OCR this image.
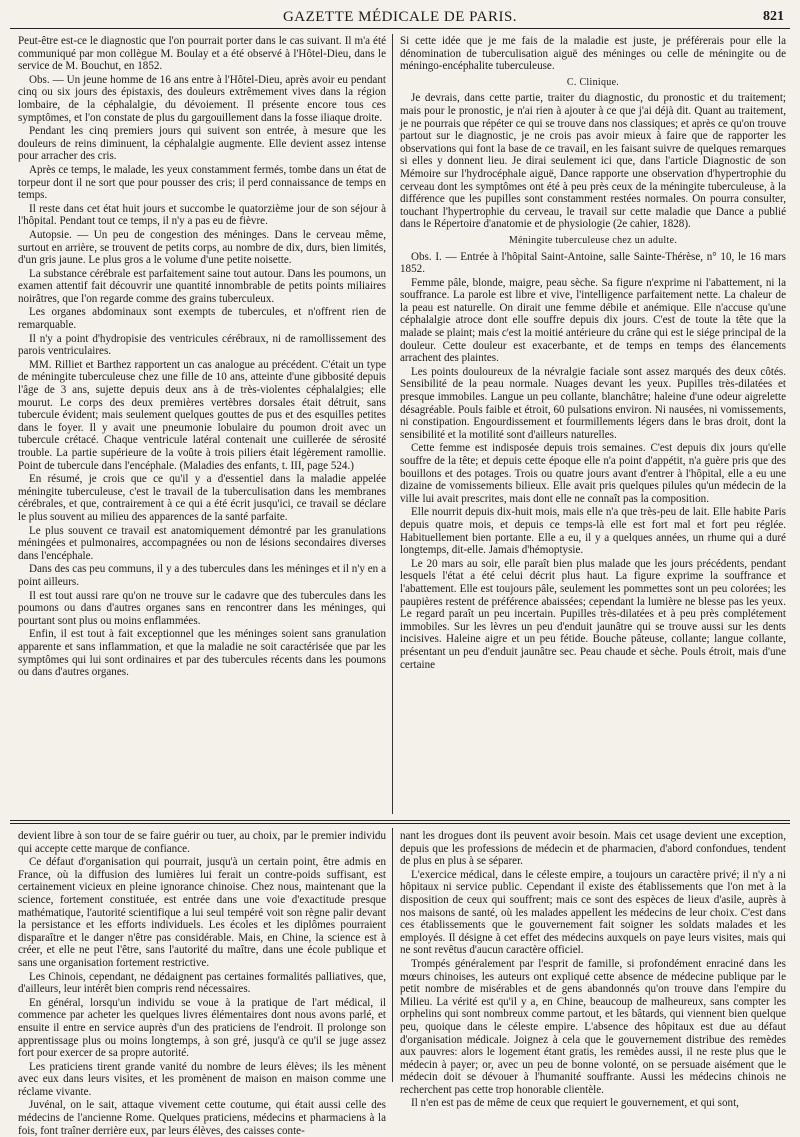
GAZETTE MÉDICALE DE PARIS.	821

Peut-être est-ce le diagnostic que l'on pourrait porter dans le cas suivant. Il m'a été communiqué par mon collègue M. Boulay et a été observé à l'Hôtel-Dieu, dans le service de M. Bouchut, en 1852.

Obs. — Un jeune homme de 16 ans entre à l'Hôtel-Dieu, après avoir eu pendant cinq ou six jours des épistaxis, des douleurs extrêmement vives dans la région lombaire, de la céphalalgie, du dévoiement. Il présente encore tous ces symptômes, et l'on constate de plus du gargouillement dans la fosse iliaque droite.

Pendant les cinq premiers jours qui suivent son entrée, à mesure que les douleurs de reins diminuent, la céphalalgie augmente. Elle devient assez intense pour arracher des cris.

Après ce temps, le malade, les yeux constamment fermés, tombe dans un état de torpeur dont il ne sort que pour pousser des cris; il perd connaissance de temps en temps.

Il reste dans cet état huit jours et succombe le quatorzième jour de son séjour à l'hôpital. Pendant tout ce temps, il n'y a pas eu de fièvre.

Autopsie. — Un peu de congestion des méninges. Dans le cerveau même, surtout en arrière, se trouvent de petits corps, au nombre de dix, durs, bien limités, d'un gris jaune. Le plus gros a le volume d'une petite noisette.

La substance cérébrale est parfaitement saine tout autour. Dans les poumons, un examen attentif fait découvrir une quantité innombrable de petits points miliaires noirâtres, que l'on regarde comme des grains tuberculeux.

Les organes abdominaux sont exempts de tubercules, et n'offrent rien de remarquable.

Il n'y a point d'hydropisie des ventricules cérébraux, ni de ramollissement des parois ventriculaires.

MM. Rilliet et Barthez rapportent un cas analogue au précédent. C'était un type de méningite tuberculeuse chez une fille de 10 ans, atteinte d'une gibbosité depuis l'âge de 3 ans, sujette depuis deux ans à de très-violentes céphalalgies; elle mourut. Le corps des deux premières vertèbres dorsales était détruit, sans tubercule évident; mais seulement quelques gouttes de pus et des esquilles petites dans le foyer. Il y avait une pneumonie lobulaire du poumon droit avec un tubercule crétacé. Chaque ventricule latéral contenait une cuillerée de sérosité trouble. La partie supérieure de la voûte à trois piliers était légèrement ramollie. Point de tubercule dans l'encéphale. (Maladies des enfants, t. III, page 524.)

En résumé, je crois que ce qu'il y a d'essentiel dans la maladie appelée méningite tuberculeuse, c'est le travail de la tuberculisation dans les membranes cérébrales, et que, contrairement à ce qui a été écrit jusqu'ici, ce travail se déclare le plus souvent au milieu des apparences de la santé parfaite.

Le plus souvent ce travail est anatomiquement démontré par les granulations méningées et pulmonaires, accompagnées ou non de lésions secondaires diverses dans l'encéphale.

Dans des cas peu communs, il y a des tubercules dans les méninges et il n'y en a point ailleurs.

Il est tout aussi rare qu'on ne trouve sur le cadavre que des tubercules dans les poumons ou dans d'autres organes sans en rencontrer dans les méninges, qui pourtant sont plus ou moins enflammées.

Enfin, il est tout à fait exceptionnel que les méninges soient sans granulation apparente et sans inflammation, et que la maladie ne soit caractérisée que par les symptômes qui lui sont ordinaires et par des tubercules récents dans les poumons ou dans d'autres organes.

Si cette idée que je me fais de la maladie est juste, je préférerais pour elle la dénomination de tuberculisation aiguë des méninges ou celle de méningite ou de méningo-encéphalite tuberculeuse.

C. Clinique.

Je devrais, dans cette partie, traiter du diagnostic, du pronostic et du traitement; mais pour le pronostic, je n'ai rien à ajouter à ce que j'ai déjà dit. Quant au traitement, je ne pourrais que répéter ce qui se trouve dans nos classiques; et après ce qu'on trouve partout sur le diagnostic, je ne crois pas avoir mieux à faire que de rapporter les observations qui font la base de ce travail, en les faisant suivre de quelques remarques si elles y donnent lieu. Je dirai seulement ici que, dans l'article Diagnostic de son Mémoire sur l'hydrocéphale aiguë, Dance rapporte une observation d'hypertrophie du cerveau dont les symptômes ont été à peu près ceux de la méningite tuberculeuse, à la différence que les pupilles sont constamment restées normales. On pourra consulter, touchant l'hypertrophie du cerveau, le travail sur cette maladie que Dance a publié dans le Répertoire d'anatomie et de physiologie (2e cahier, 1828).

Méningite tuberculeuse chez un adulte.

Obs. I. — Entrée à l'hôpital Saint-Antoine, salle Sainte-Thérèse, n° 10, le 16 mars 1852.

Femme pâle, blonde, maigre, peau sèche. Sa figure n'exprime ni l'abattement, ni la souffrance. La parole est libre et vive, l'intelligence parfaitement nette. La chaleur de la peau est naturelle. On dirait une femme débile et anémique. Elle n'accuse qu'une céphalalgie atroce dont elle souffre depuis dix jours. C'est de toute la tête que la malade se plaint; mais c'est la moitié antérieure du crâne qui est le siége principal de la douleur. Cette douleur est exacerbante, et de temps en temps des élancements arrachent des plaintes.

Les points douloureux de la névralgie faciale sont assez marqués des deux côtés. Sensibilité de la peau normale. Nuages devant les yeux. Pupilles très-dilatées et presque immobiles. Langue un peu collante, blanchâtre; haleine d'une odeur aigrelette désagréable. Pouls faible et étroit, 60 pulsations environ. Ni nausées, ni vomissements, ni constipation. Engourdissement et fourmillements légers dans le bras droit, dont la sensibilité et la motilité sont d'ailleurs naturelles.

Cette femme est indisposée depuis trois semaines. C'est depuis dix jours qu'elle souffre de la tête; et depuis cette époque elle n'a point d'appétit, n'a guère pris que des bouillons et des potages. Trois ou quatre jours avant d'entrer à l'hôpital, elle a eu une dizaine de vomissements bilieux. Elle avait pris quelques pilules qu'un médecin de la ville lui avait prescrites, mais dont elle ne connaît pas la composition.

Elle nourrit depuis dix-huit mois, mais elle n'a que très-peu de lait. Elle habite Paris depuis quatre mois, et depuis ce temps-là elle est fort mal et fort peu réglée. Habituellement bien portante. Elle a eu, il y a quelques années, un rhume qui a duré longtemps, dit-elle. Jamais d'hémoptysie.

Le 20 mars au soir, elle paraît bien plus malade que les jours précédents, pendant lesquels l'état a été celui décrit plus haut. La figure exprime la souffrance et l'abattement. Elle est toujours pâle, seulement les pommettes sont un peu colorées; les paupières restent de préférence abaissées; cependant la lumière ne blesse pas les yeux. Le regard paraît un peu incertain. Pupilles très-dilatées et à peu près complétement immobiles. Sur les lèvres un peu d'enduit jaunâtre qui se trouve aussi sur les dents incisives. Haleine aigre et un peu fétide. Bouche pâteuse, collante; langue collante, présentant un peu d'enduit jaunâtre sec. Peau chaude et sèche. Pouls étroit, mais d'une certaine

devient libre à son tour de se faire guérir ou tuer, au choix, par le premier individu qui accepte cette marque de confiance.

Ce défaut d'organisation qui pourrait, jusqu'à un certain point, être admis en France, où la diffusion des lumières lui ferait un contre-poids suffisant, est certainement vicieux en pleine ignorance chinoise. Chez nous, maintenant que la science, fortement constituée, est entrée dans une voie d'exactitude presque mathématique, l'autorité scientifique a lui seul tempéré voit son règne palir devant la persistance et les efforts individuels. Les écoles et les diplômes pourraient disparaître et le danger n'être pas considérable. Mais, en Chine, la science est à créer, et elle ne peut l'être, sans l'autorité du maître, dans une école publique et sans une organisation fortement restrictive.

Les Chinois, cependant, ne dédaignent pas certaines formalités palliatives, que, d'ailleurs, leur intérêt bien compris rend nécessaires.

En général, lorsqu'un individu se voue à la pratique de l'art médical, il commence par acheter les quelques livres élémentaires dont nous avons parlé, et ensuite il entre en service auprès d'un des praticiens de l'endroit. Il prolonge son apprentissage plus ou moins longtemps, à son gré, jusqu'à ce qu'il se juge assez fort pour exercer de sa propre autorité.

Les praticiens tirent grande vanité du nombre de leurs élèves; ils les mènent avec eux dans leurs visites, et les promènent de maison en maison comme une réclame vivante.

Juvénal, on le sait, attaque vivement cette coutume, qui était aussi celle des médecins de l'ancienne Rome. Quelques praticiens, médecins et pharmaciens à la fois, font traîner derrière eux, par leurs élèves, des caisses conte-

nant les drogues dont ils peuvent avoir besoin. Mais cet usage devient une exception, depuis que les professions de médecin et de pharmacien, d'abord confondues, tendent de plus en plus à se séparer.

L'exercice médical, dans le céleste empire, a toujours un caractère privé; il n'y a ni hôpitaux ni service public. Cependant il existe des établissements que l'on met à la disposition de ceux qui souffrent; mais ce sont des espèces de lieux d'asile, auprès à nos maisons de santé, où les malades appellent les médecins de leur choix. C'est dans ces établissements que le gouvernement fait soigner les soldats malades et les employés. Il désigne à cet effet des médecins auxquels on paye leurs visites, mais qui ne sont revêtus d'aucun caractère officiel.

Trompés généralement par l'esprit de famille, si profondément enraciné dans les mœurs chinoises, les auteurs ont expliqué cette absence de médecine publique par le petit nombre de misérables et de gens abandonnés qu'on trouve dans l'empire du Milieu. La vérité est qu'il y a, en Chine, beaucoup de malheureux, sans compter les orphelins qui sont nombreux comme partout, et les bâtards, qui viennent bien quelque peu, quoique dans le céleste empire. L'absence des hôpitaux est due au défaut d'organisation médicale. Joignez à cela que le gouvernement distribue des remèdes aux pauvres: alors le logement étant gratis, les remèdes aussi, il ne reste plus que le médecin à payer; or, avec un peu de bonne volonté, on se persuade aisément que le médecin doit se dévouer à l'humanité souffrante. Aussi les médecins chinois ne recherchent pas cette trop honorable clientèle.

Il n'en est pas de même de ceux que requiert le gouvernement, et qui sont,
